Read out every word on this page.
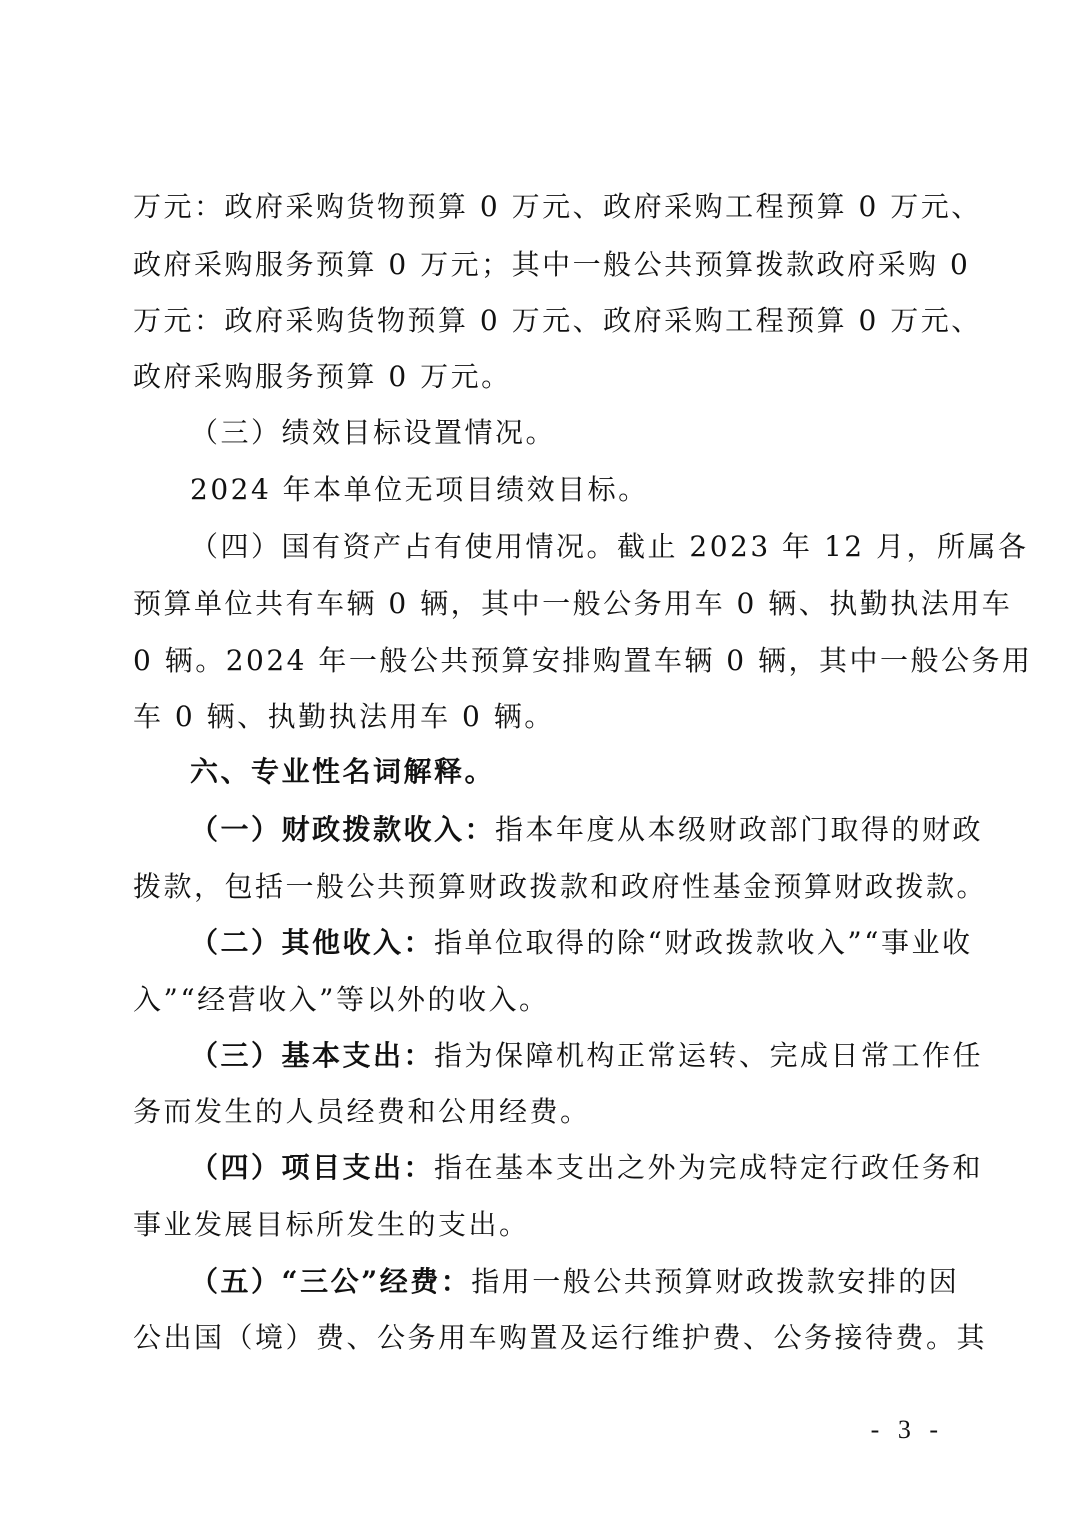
万元：政府采购货物预算 0 万元、政府采购工程预算 0 万元、
政府采购服务预算 0 万元；其中一般公共预算拨款政府采购 0
万元：政府采购货物预算 0 万元、政府采购工程预算 0 万元、
政府采购服务预算 0 万元。
（三）绩效目标设置情况。
2024 年本单位无项目绩效目标。
（四）国有资产占有使用情况。截止 2023 年 12 月，所属各
预算单位共有车辆 0 辆，其中一般公务用车 0 辆、执勤执法用车
0 辆。2024 年一般公共预算安排购置车辆 0 辆，其中一般公务用
车 0 辆、执勤执法用车 0 辆。
六、专业性名词解释。
（一）财政拨款收入：指本年度从本级财政部门取得的财政
拨款，包括一般公共预算财政拨款和政府性基金预算财政拨款。
（二）其他收入：指单位取得的除“财政拨款收入”“事业收
入”“经营收入”等以外的收入。
（三）基本支出：指为保障机构正常运转、完成日常工作任
务而发生的人员经费和公用经费。
（四）项目支出：指在基本支出之外为完成特定行政任务和
事业发展目标所发生的支出。
（五）“三公”经费：指用一般公共预算财政拨款安排的因
公出国（境）费、公务用车购置及运行维护费、公务接待费。其
- 3 -
